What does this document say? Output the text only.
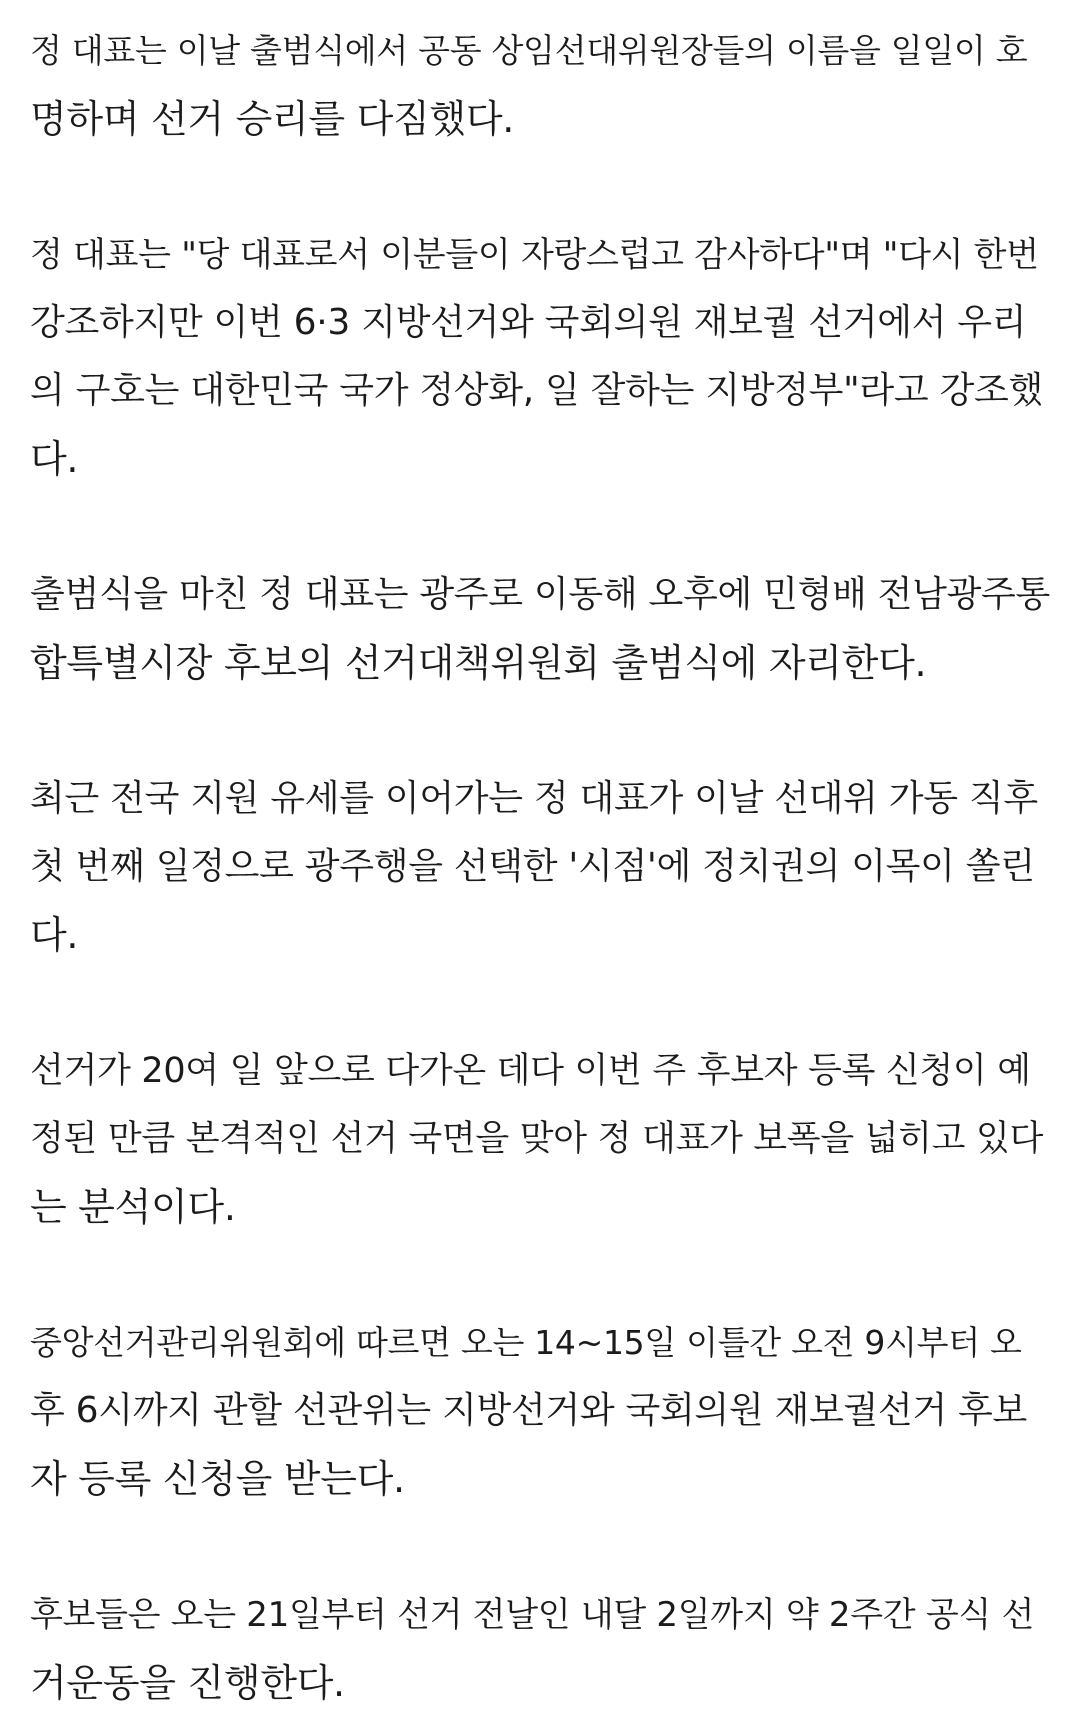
정 대표는 이날 출범식에서 공동 상임선대위원장들의 이름을 일일이 호
명하며 선거 승리를 다짐했다.

정 대표는 "당 대표로서 이분들이 자랑스럽고 감사하다"며 "다시 한번
강조하지만 이번 6·3 지방선거와 국회의원 재보궐 선거에서 우리
의 구호는 대한민국 국가 정상화, 일 잘하는 지방정부"라고 강조했
다.

출범식을 마친 정 대표는 광주로 이동해 오후에 민형배 전남광주통
합특별시장 후보의 선거대책위원회 출범식에 자리한다.

최근 전국 지원 유세를 이어가는 정 대표가 이날 선대위 가동 직후
첫 번째 일정으로 광주행을 선택한 '시점'에 정치권의 이목이 쏠린
다.

선거가 20여 일 앞으로 다가온 데다 이번 주 후보자 등록 신청이 예
정된 만큼 본격적인 선거 국면을 맞아 정 대표가 보폭을 넓히고 있다
는 분석이다.

중앙선거관리위원회에 따르면 오는 14~15일 이틀간 오전 9시부터 오
후 6시까지 관할 선관위는 지방선거와 국회의원 재보궐선거 후보
자 등록 신청을 받는다.

후보들은 오는 21일부터 선거 전날인 내달 2일까지 약 2주간 공식 선
거운동을 진행한다.
